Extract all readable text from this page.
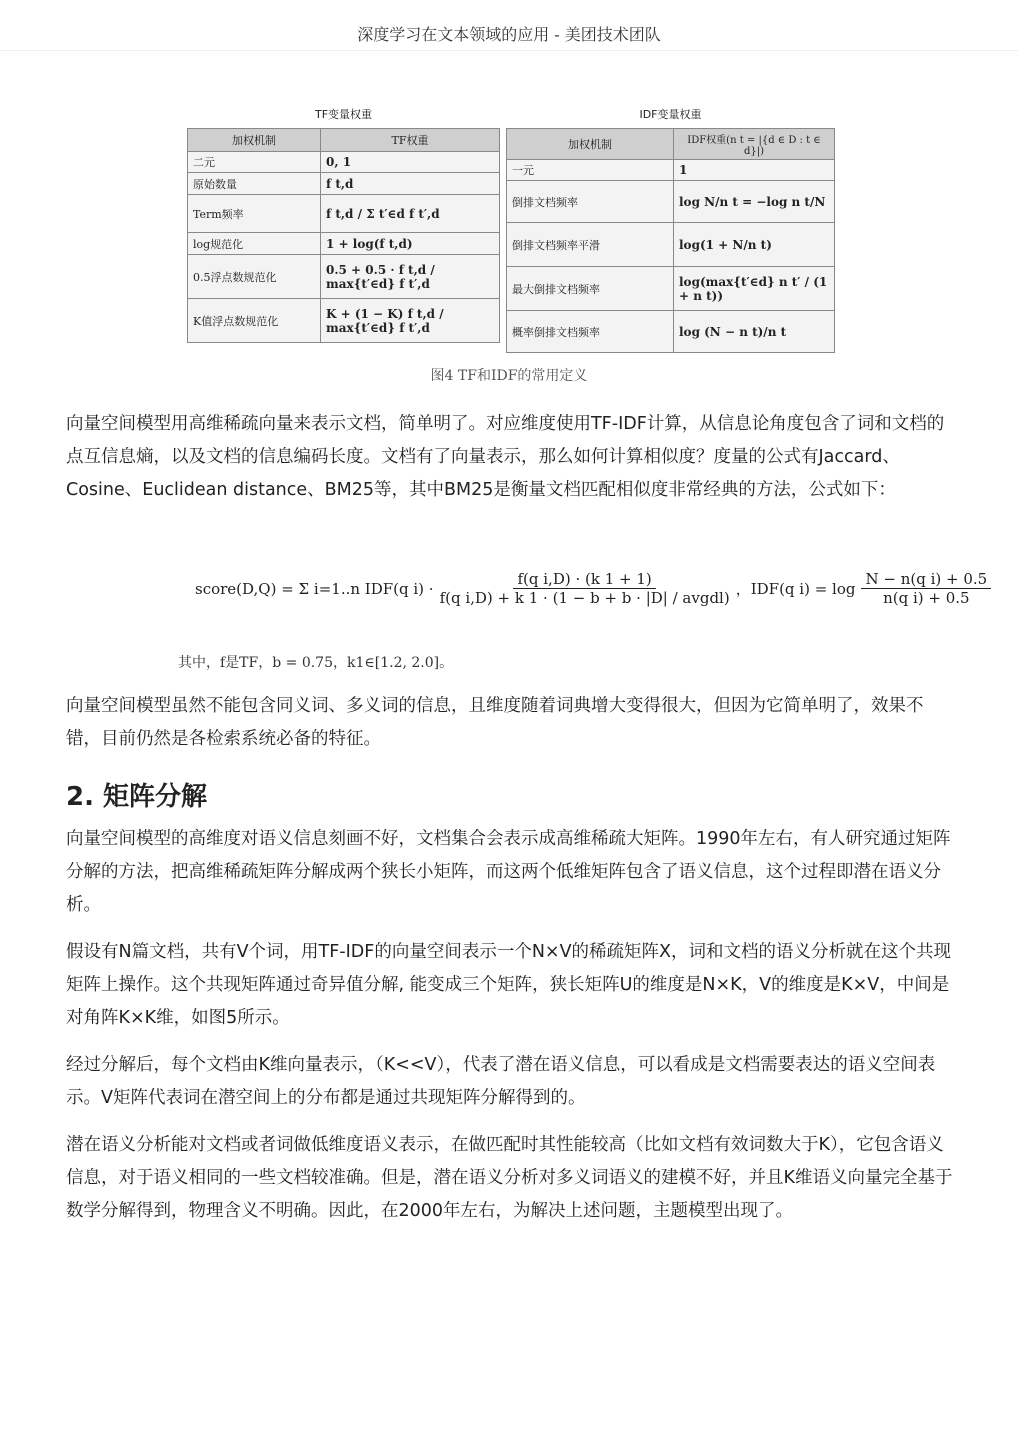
深度学习在文本领域的应用 - 美团技术团队
TF变量权重
加权机制	TF权重
二元	0, 1
原始数量	f t,d
Term频率	f t,d / Σ t′∈d f t′,d
log规范化	1 + log(f t,d)
0.5浮点数规范化	0.5 + 0.5 · f t,d / max{t′∈d} f t′,d
K值浮点数规范化	K + (1 − K) f t,d / max{t′∈d} f t′,d
IDF变量权重
加权机制	IDF权重(n t = |{d ∈ D : t ∈ d}|)
一元	1
倒排文档频率	log N/n t = −log n t/N
倒排文档频率平滑	log(1 + N/n t)
最大倒排文档频率	log(max{t′∈d} n t′ / (1 + n t))
概率倒排文档频率	log (N − n t)/n t
图4 TF和IDF的常用定义
向量空间模型用高维稀疏向量来表示文档，简单明了。对应维度使用TF-IDF计算，从信息论角度包含了词和文档的点互信息熵，以及文档的信息编码长度。文档有了向量表示，那么如何计算相似度？度量的公式有Jaccard、Cosine、Euclidean distance、BM25等，其中BM25是衡量文档匹配相似度非常经典的方法，公式如下：
score(D,Q) = Σ i=1..n IDF(q $i) \cdot \frac{\text{f(q i,D) · (k 1 + 1)}}{\text{f(q i,D) + k 1 · (1 − b + b · |D| / avgdl)}}$ ，IDF(q $i) = \log \frac{\text{N − n(q i) + 0.5}}{\text{n(q i) + 0.5}}$
其中，f是TF，b = 0.75，k1∈[1.2, 2.0]。
向量空间模型虽然不能包含同义词、多义词的信息，且维度随着词典增大变得很大，但因为它简单明了，效果不错，目前仍然是各检索系统必备的特征。
2. 矩阵分解
向量空间模型的高维度对语义信息刻画不好，文档集合会表示成高维稀疏大矩阵。1990年左右，有人研究通过矩阵分解的方法，把高维稀疏矩阵分解成两个狭长小矩阵，而这两个低维矩阵包含了语义信息，这个过程即潜在语义分析。
假设有N篇文档，共有V个词，用TF-IDF的向量空间表示一个N×V的稀疏矩阵X，词和文档的语义分析就在这个共现矩阵上操作。这个共现矩阵通过奇异值分解, 能变成三个矩阵，狭长矩阵U的维度是N×K，V的维度是K×V，中间是对角阵K×K维，如图5所示。
经过分解后，每个文档由K维向量表示，（K<<V），代表了潜在语义信息，可以看成是文档需要表达的语义空间表示。V矩阵代表词在潜空间上的分布都是通过共现矩阵分解得到的。
潜在语义分析能对文档或者词做低维度语义表示，在做匹配时其性能较高（比如文档有效词数大于K），它包含语义信息，对于语义相同的一些文档较准确。但是，潜在语义分析对多义词语义的建模不好，并且K维语义向量完全基于数学分解得到，物理含义不明确。因此，在2000年左右，为解决上述问题，主题模型出现了。
